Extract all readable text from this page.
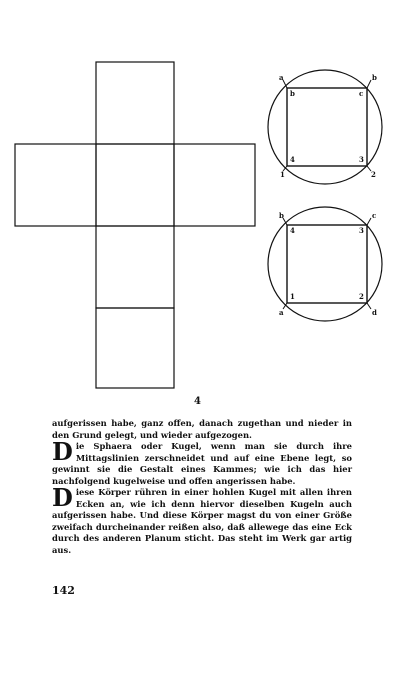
a	b
b	c
4	3
1	2
b	c
4	3
1	2
a	d
4

aufgerissen habe, ganz offen, danach zugethan und nieder in den Grund gelegt, und wieder aufgezogen.

Die Sphaera oder Kugel, wenn man sie durch ihre Mittagslinien zerschneidet und auf eine Ebene legt, so gewinnt sie die Gestalt eines Kammes; wie ich das hier nachfolgend kugelweise und offen angerissen habe.

Diese Körper rühren in einer hohlen Kugel mit allen ihren Ecken an, wie ich denn hiervor dieselben Kugeln auch aufgerissen habe. Und diese Körper magst du von einer Größe zweifach durcheinander reißen also, daß allewege das eine Eck durch des anderen Planum sticht. Das steht im Werk gar artig aus.

142
